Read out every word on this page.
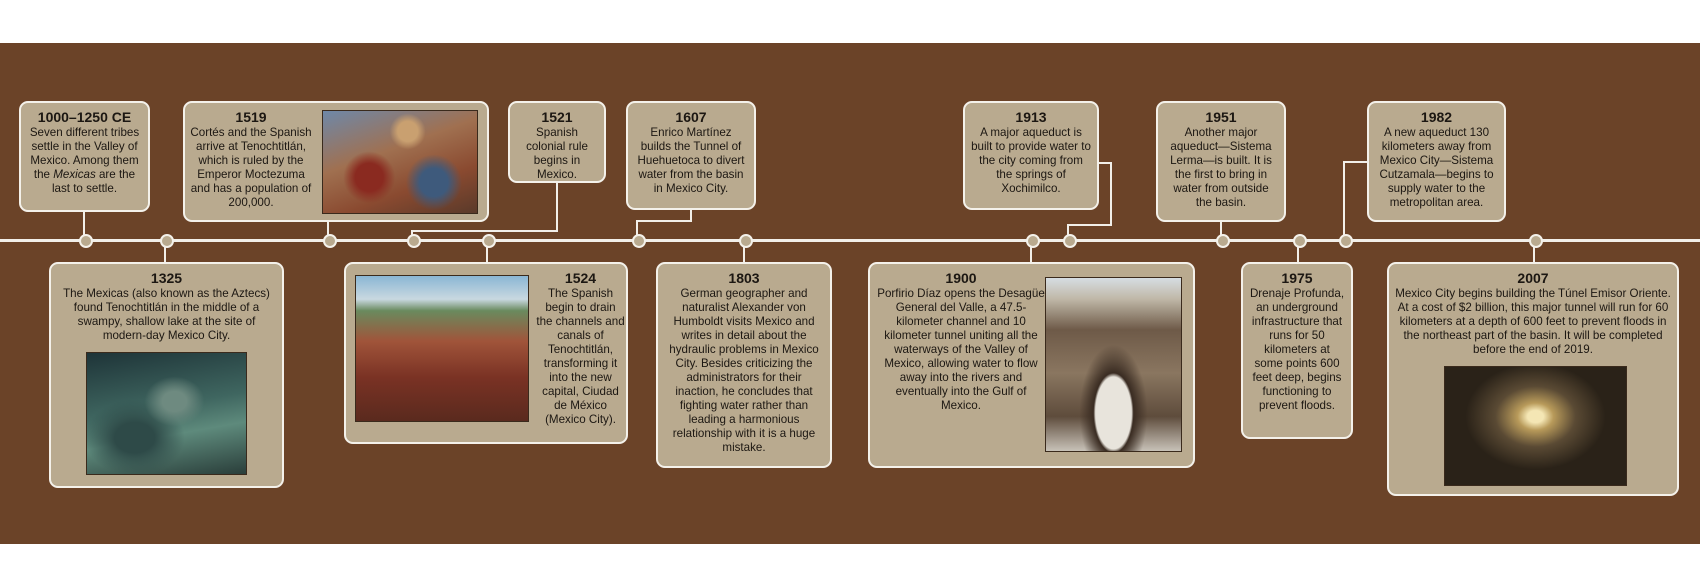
1000–1250 CE
Seven different tribes settle in the Valley of Mexico. Among them the Mexicas are the last to settle.
1519
Cortés and the Spanish arrive at Tenochtitlán, which is ruled by the Emperor Moctezuma and has a population of 200,000.
1521
Spanish colonial rule begins in Mexico.
1607
Enrico Martínez builds the Tunnel of Huehuetoca to divert water from the basin in Mexico City.
1913
A major aqueduct is built to provide water to the city coming from the springs of Xochimilco.
1951
Another major aqueduct—Sistema Lerma—is built. It is the first to bring in water from outside the basin.
1982
A new aqueduct 130 kilometers away from Mexico City—Sistema Cutzamala—begins to supply water to the metropolitan area.
1325
The Mexicas (also known as the Aztecs) found Tenochtitlán in the middle of a swampy, shallow lake at the site of modern-day Mexico City.
1524
The Spanish begin to drain the channels and canals of Tenochtitlán, transforming it into the new capital, Ciudad de México (Mexico City).
1803
German geographer and naturalist Alexander von Humboldt visits Mexico and writes in detail about the hydraulic problems in Mexico City. Besides criticizing the administrators for their inaction, he concludes that fighting water rather than leading a harmonious relationship with it is a huge mistake.
1900
Porfirio Díaz opens the Desagüe General del Valle, a 47.5-kilometer channel and 10 kilometer tunnel uniting all the waterways of the Valley of Mexico, allowing water to flow away into the rivers and eventually into the Gulf of Mexico.
1975
Drenaje Profunda, an underground infrastructure that runs for 50 kilometers at some points 600 feet deep, begins functioning to prevent floods.
2007
Mexico City begins building the Túnel Emisor Oriente. At a cost of $2 billion, this major tunnel will run for 60 kilometers at a depth of 600 feet to prevent floods in the northeast part of the basin. It will be completed before the end of 2019.
